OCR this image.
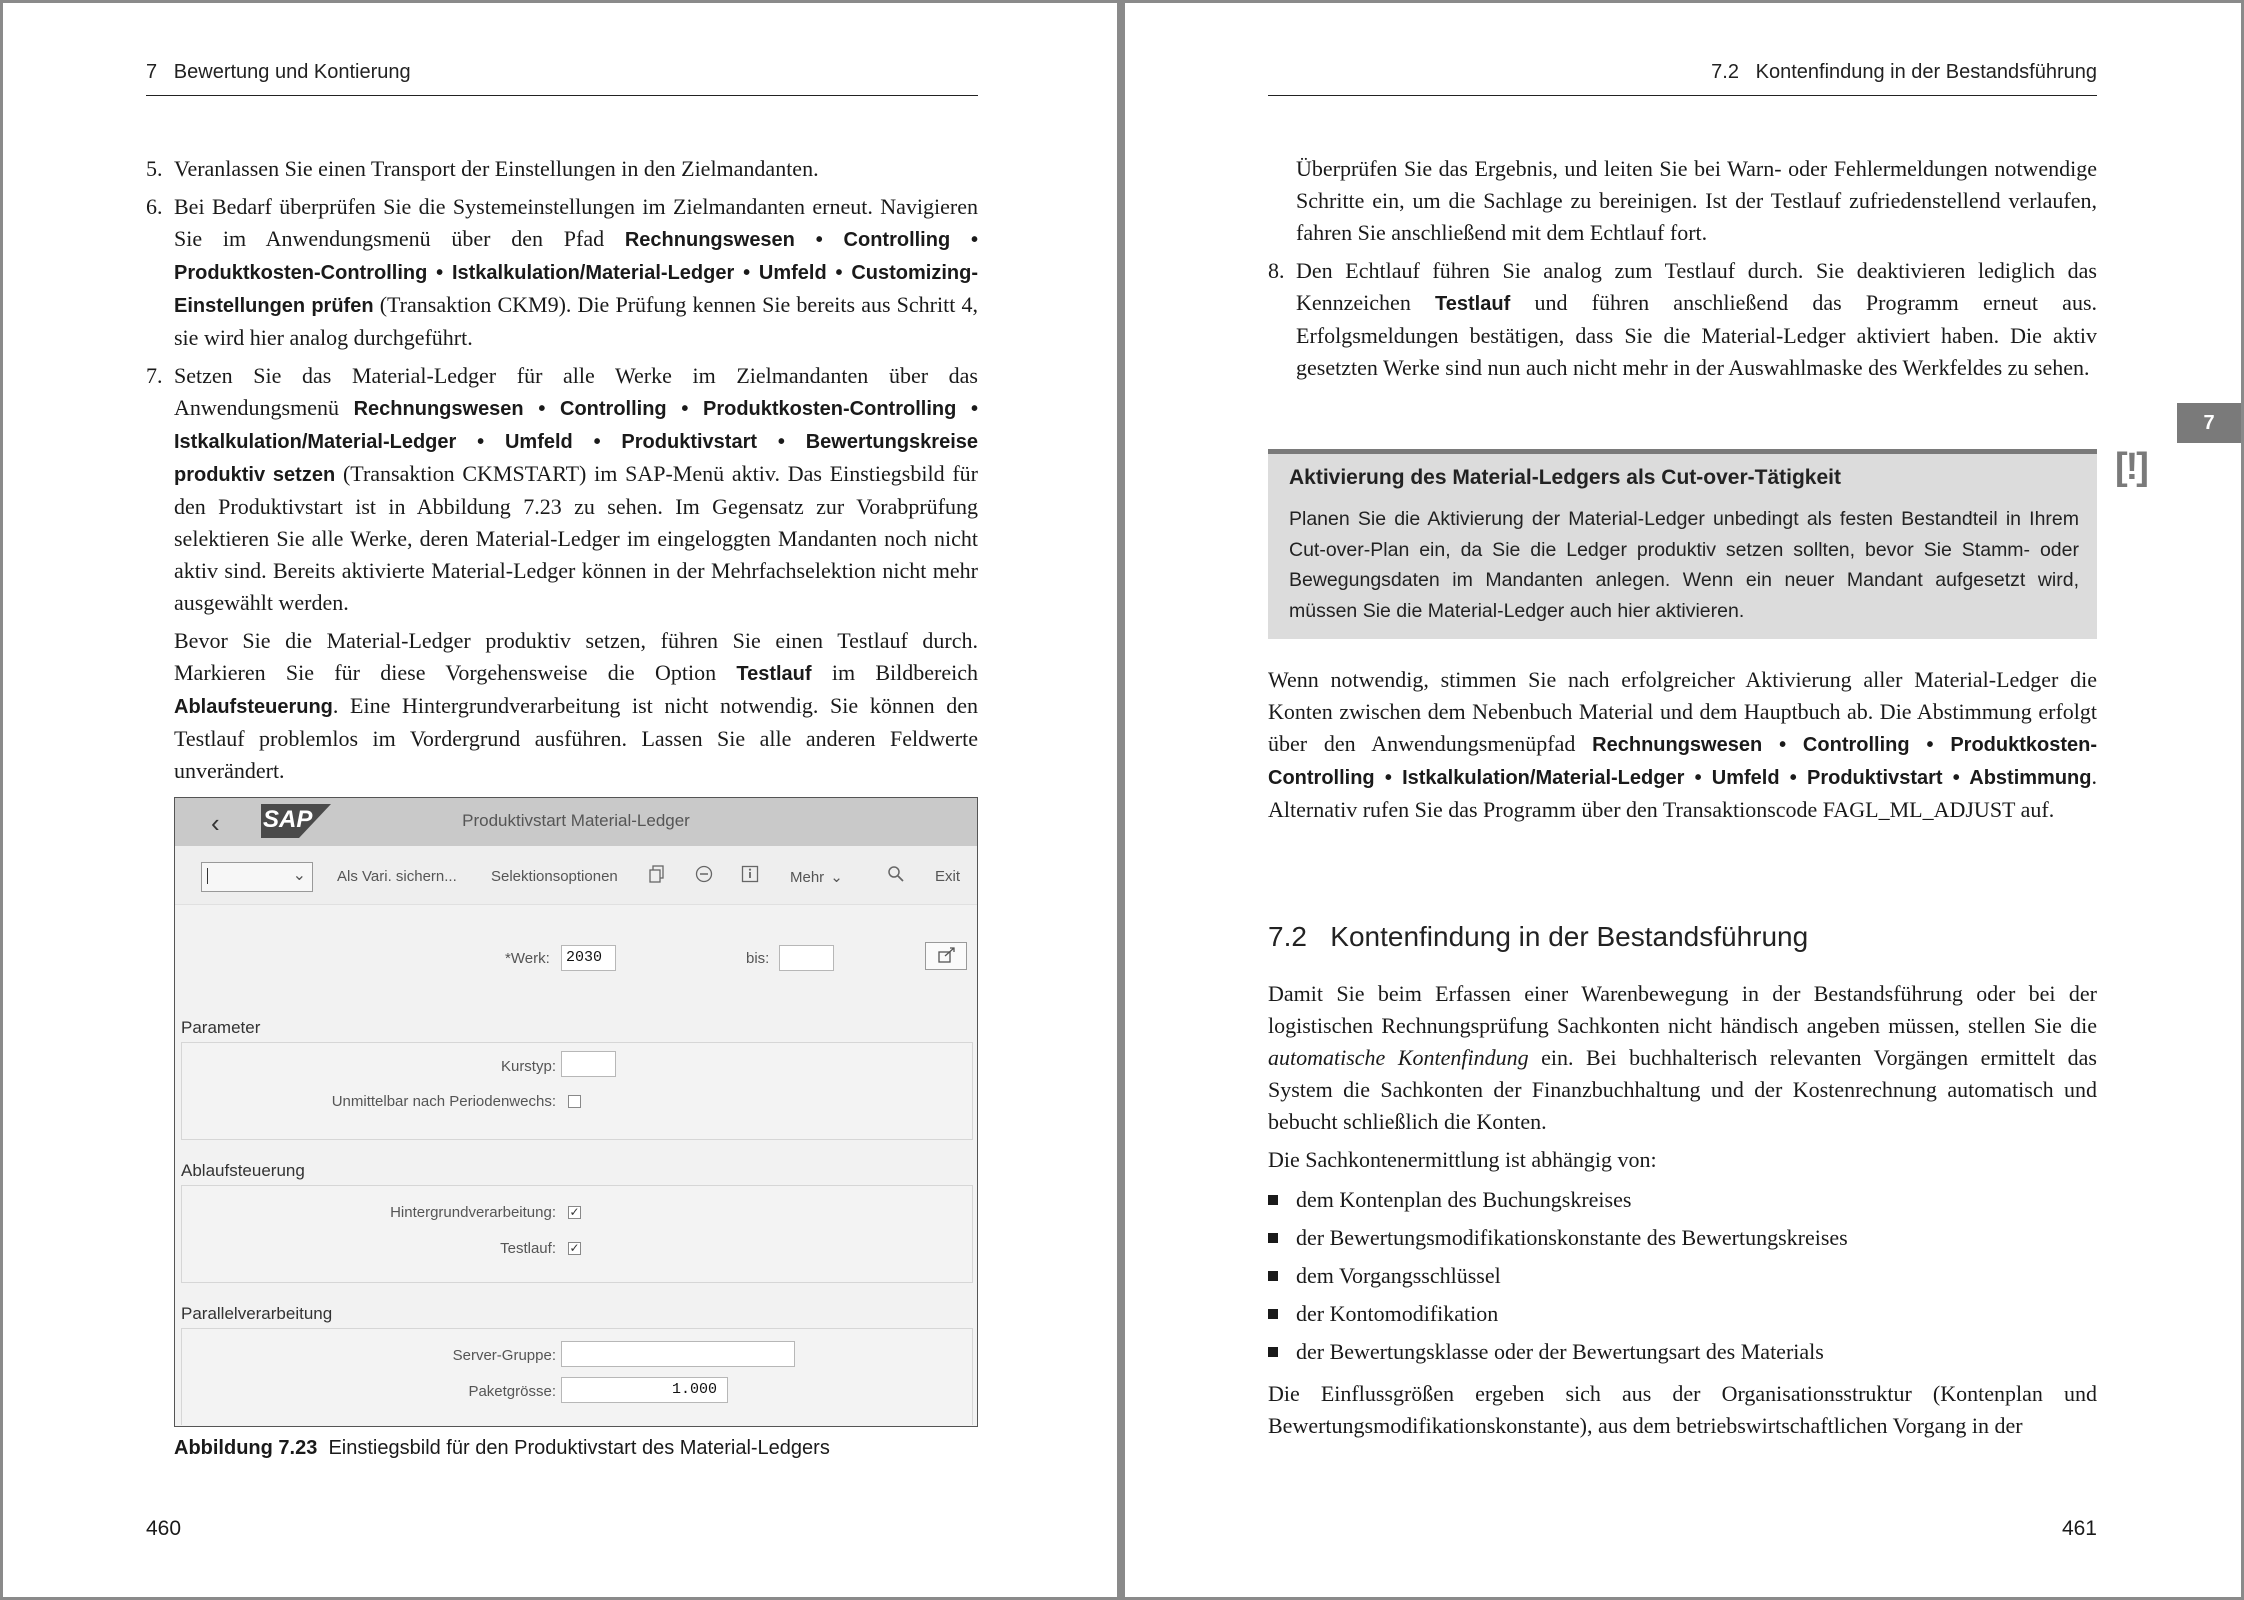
7 Bewertung und Kontierung
5. Veranlassen Sie einen Transport der Einstellungen in den Zielmandanten.
6. Bei Bedarf überprüfen Sie die Systemeinstellungen im Zielmandanten erneut. Navigieren Sie im Anwendungsmenü über den Pfad Rechnungswesen • Controlling • Produktkosten-Controlling • Istkalkulation/Material-Ledger • Umfeld • Customizing-Einstellungen prüfen (Transaktion CKM9). Die Prüfung kennen Sie bereits aus Schritt 4, sie wird hier analog durchgeführt.
7. Setzen Sie das Material-Ledger für alle Werke im Zielmandanten über das Anwendungsmenü Rechnungswesen • Controlling • Produktkosten-Controlling • Istkalkulation/Material-Ledger • Umfeld • Produktivstart • Bewertungskreise produktiv setzen (Transaktion CKMSTART) im SAP-Menü aktiv. Das Einstiegsbild für den Produktivstart ist in Abbildung 7.23 zu sehen. Im Gegensatz zur Vorabprüfung selektieren Sie alle Werke, deren Material-Ledger im eingeloggten Mandanten noch nicht aktiv sind. Bereits aktivierte Material-Ledger können in der Mehrfachselektion nicht mehr ausgewählt werden.

Bevor Sie die Material-Ledger produktiv setzen, führen Sie einen Testlauf durch. Markieren Sie für diese Vorgehensweise die Option Testlauf im Bildbereich Ablaufsteuerung. Eine Hintergrundverarbeitung ist nicht notwendig. Sie können den Testlauf problemlos im Vordergrund ausführen. Lassen Sie alle anderen Feldwerte unverändert.

‹ SAP	Produktivstart Material-Ledger
⌄ Als Vari. sichern... Selektionsoptionen	Mehr ⌄	Exit
*Werk:	2030	bis:
Parameter
Kurstyp:
Unmittelbar nach Periodenwechs:
Ablaufsteuerung
Hintergrundverarbeitung: ✓
Testlauf: ✓
Parallelverarbeitung
Server-Gruppe:
Paketgrösse:	1.000
Abbildung 7.23 Einstiegsbild für den Produktivstart des Material-Ledgers
460
7.2 Kontenfindung in der Bestandsführung
7
[!]

Überprüfen Sie das Ergebnis, und leiten Sie bei Warn- oder Fehlermeldungen notwendige Schritte ein, um die Sachlage zu bereinigen. Ist der Testlauf zufriedenstellend verlaufen, fahren Sie anschließend mit dem Echtlauf fort.

8. Den Echtlauf führen Sie analog zum Testlauf durch. Sie deaktivieren lediglich das Kennzeichen Testlauf und führen anschließend das Programm erneut aus. Erfolgsmeldungen bestätigen, dass Sie die Material-Ledger aktiviert haben. Die aktiv gesetzten Werke sind nun auch nicht mehr in der Auswahlmaske des Werkfeldes zu sehen.
Aktivierung des Material-Ledgers als Cut-over-Tätigkeit
Planen Sie die Aktivierung der Material-Ledger unbedingt als festen Bestandteil in Ihrem Cut-over-Plan ein, da Sie die Ledger produktiv setzen sollten, bevor Sie Stamm- oder Bewegungsdaten im Mandanten anlegen. Wenn ein neuer Mandant aufgesetzt wird, müssen Sie die Material-Ledger auch hier aktivieren.

Wenn notwendig, stimmen Sie nach erfolgreicher Aktivierung aller Material-Ledger die Konten zwischen dem Nebenbuch Material und dem Hauptbuch ab. Die Abstimmung erfolgt über den Anwendungsmenüpfad Rechnungswesen • Controlling • Produktkosten-Controlling • Istkalkulation/Material-Ledger • Umfeld • Produktivstart • Abstimmung. Alternativ rufen Sie das Programm über den Transaktionscode FAGL_ML_ADJUST auf.

7.2 Kontenfindung in der Bestandsführung

Damit Sie beim Erfassen einer Warenbewegung in der Bestandsführung oder bei der logistischen Rechnungsprüfung Sachkonten nicht händisch angeben müssen, stellen Sie die automatische Kontenfindung ein. Bei buchhalterisch relevanten Vorgängen ermittelt das System die Sachkonten der Finanzbuchhaltung und der Kostenrechnung automatisch und bebucht schließlich die Konten.

Die Sachkontenermittlung ist abhängig von:

dem Kontenplan des Buchungskreises
der Bewertungsmodifikationskonstante des Bewertungskreises
dem Vorgangsschlüssel
der Kontomodifikation
der Bewertungsklasse oder der Bewertungsart des Materials

Die Einflussgrößen ergeben sich aus der Organisationsstruktur (Kontenplan und Bewertungsmodifikationskonstante), aus dem betriebswirtschaftlichen Vorgang in der

461
